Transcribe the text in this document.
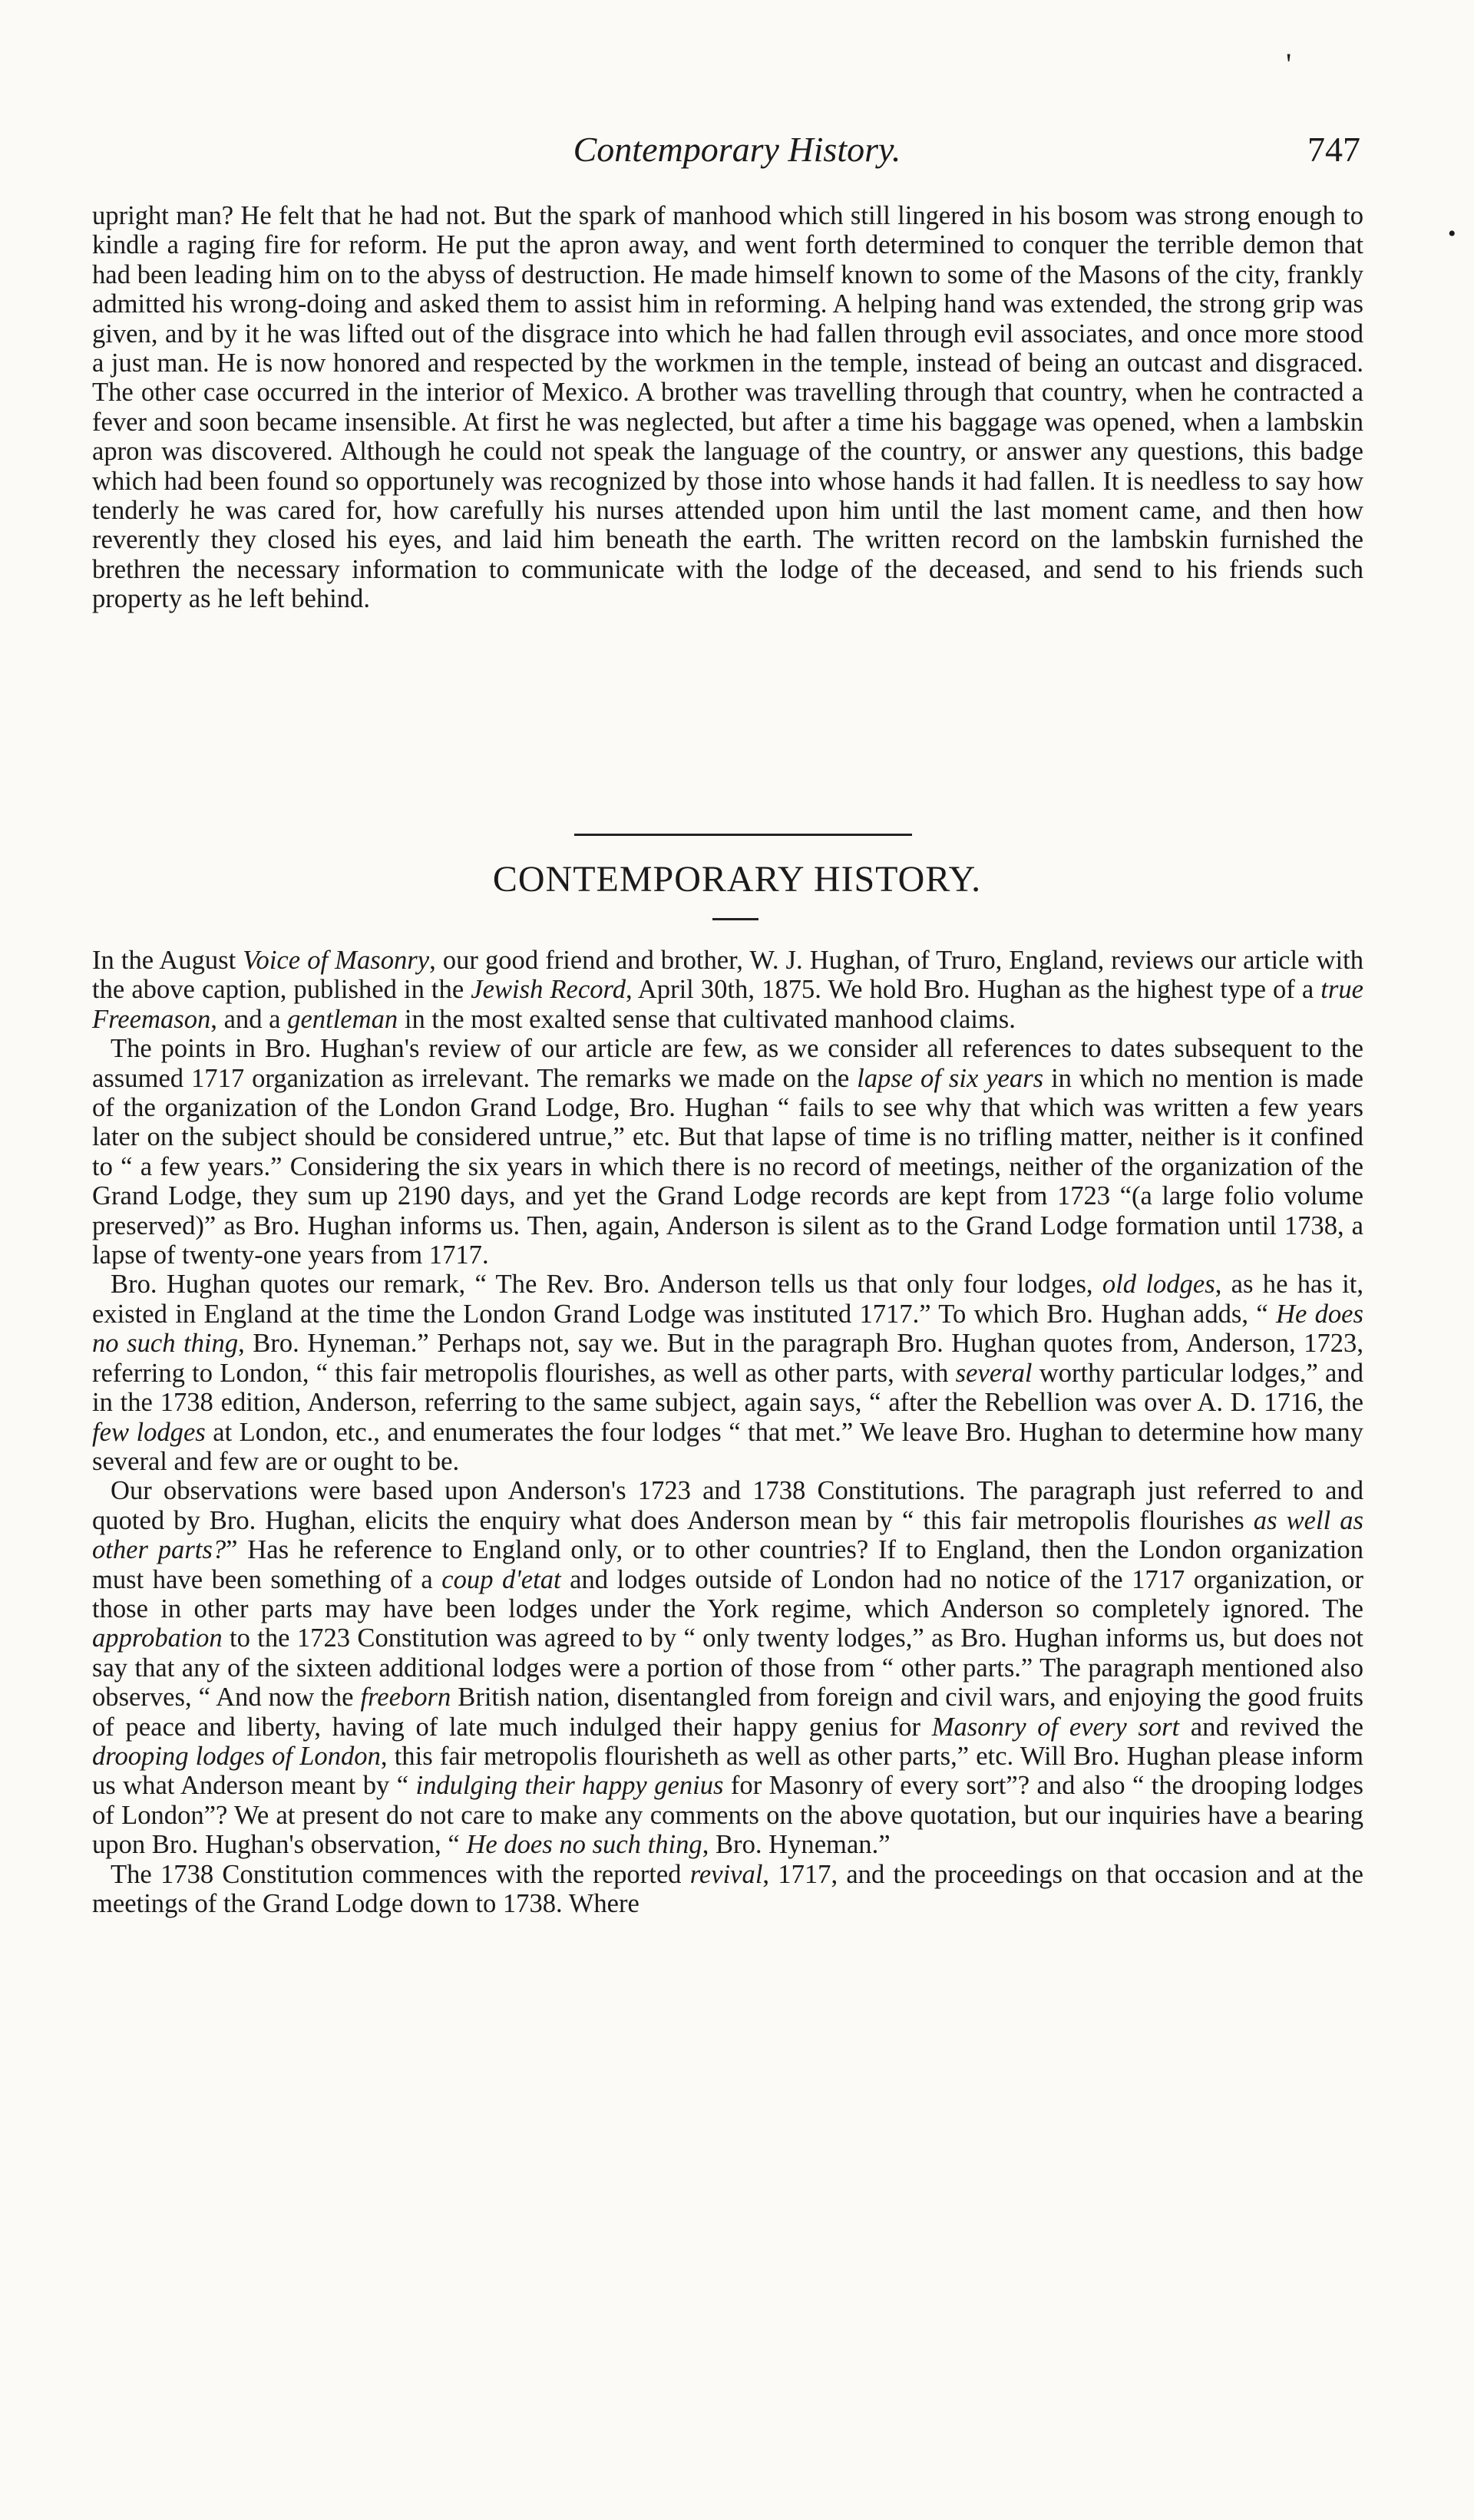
'
•
Contemporary History.	747

upright man? He felt that he had not. But the spark of manhood which still lingered in his bosom was strong enough to kindle a raging fire for reform. He put the apron away, and went forth determined to conquer the terrible demon that had been leading him on to the abyss of destruction. He made himself known to some of the Masons of the city, frankly admitted his wrong-doing and asked them to assist him in reforming. A helping hand was extended, the strong grip was given, and by it he was lifted out of the disgrace into which he had fallen through evil associates, and once more stood a just man. He is now honored and respected by the workmen in the temple, instead of being an outcast and disgraced. The other case occurred in the interior of Mexico. A brother was travelling through that country, when he contracted a fever and soon became insensible. At first he was neglected, but after a time his baggage was opened, when a lambskin apron was discovered. Although he could not speak the language of the country, or answer any questions, this badge which had been found so opportunely was recognized by those into whose hands it had fallen. It is needless to say how tenderly he was cared for, how carefully his nurses attended upon him until the last moment came, and then how reverently they closed his eyes, and laid him beneath the earth. The written record on the lambskin furnished the brethren the necessary information to communicate with the lodge of the deceased, and send to his friends such property as he left behind.

CONTEMPORARY HISTORY.

In the August Voice of Masonry, our good friend and brother, W. J. Hughan, of Truro, England, reviews our article with the above caption, published in the Jewish Record, April 30th, 1875. We hold Bro. Hughan as the highest type of a true Freemason, and a gentleman in the most exalted sense that cultivated manhood claims.

The points in Bro. Hughan's review of our article are few, as we consider all references to dates subsequent to the assumed 1717 organization as irrelevant. The remarks we made on the lapse of six years in which no mention is made of the organization of the London Grand Lodge, Bro. Hughan “ fails to see why that which was written a few years later on the subject should be considered untrue,” etc. But that lapse of time is no trifling matter, neither is it confined to “ a few years.” Considering the six years in which there is no record of meetings, neither of the organization of the Grand Lodge, they sum up 2190 days, and yet the Grand Lodge records are kept from 1723 “(a large folio volume preserved)” as Bro. Hughan informs us. Then, again, Anderson is silent as to the Grand Lodge formation until 1738, a lapse of twenty-one years from 1717.

Bro. Hughan quotes our remark, “ The Rev. Bro. Anderson tells us that only four lodges, old lodges, as he has it, existed in England at the time the London Grand Lodge was instituted 1717.” To which Bro. Hughan adds, “ He does no such thing, Bro. Hyneman.” Perhaps not, say we. But in the paragraph Bro. Hughan quotes from, Anderson, 1723, referring to London, “ this fair metropolis flourishes, as well as other parts, with several worthy particular lodges,” and in the 1738 edition, Anderson, referring to the same subject, again says, “ after the Rebellion was over A. D. 1716, the few lodges at London, etc., and enumerates the four lodges “ that met.” We leave Bro. Hughan to determine how many several and few are or ought to be.

Our observations were based upon Anderson's 1723 and 1738 Constitutions. The paragraph just referred to and quoted by Bro. Hughan, elicits the enquiry what does Anderson mean by “ this fair metropolis flourishes as well as other parts?” Has he reference to England only, or to other countries? If to England, then the London organization must have been something of a coup d'etat and lodges outside of London had no notice of the 1717 organization, or those in other parts may have been lodges under the York regime, which Anderson so completely ignored. The approbation to the 1723 Constitution was agreed to by “ only twenty lodges,” as Bro. Hughan informs us, but does not say that any of the sixteen additional lodges were a portion of those from “ other parts.” The paragraph mentioned also observes, “ And now the freeborn British nation, disentangled from foreign and civil wars, and enjoying the good fruits of peace and liberty, having of late much indulged their happy genius for Masonry of every sort and revived the drooping lodges of London, this fair metropolis flourisheth as well as other parts,” etc. Will Bro. Hughan please inform us what Anderson meant by “ indulging their happy genius for Masonry of every sort”? and also “ the drooping lodges of London”? We at present do not care to make any comments on the above quotation, but our inquiries have a bearing upon Bro. Hughan's observation, “ He does no such thing, Bro. Hyneman.”

The 1738 Constitution commences with the reported revival, 1717, and the proceedings on that occasion and at the meetings of the Grand Lodge down to 1738. Where
